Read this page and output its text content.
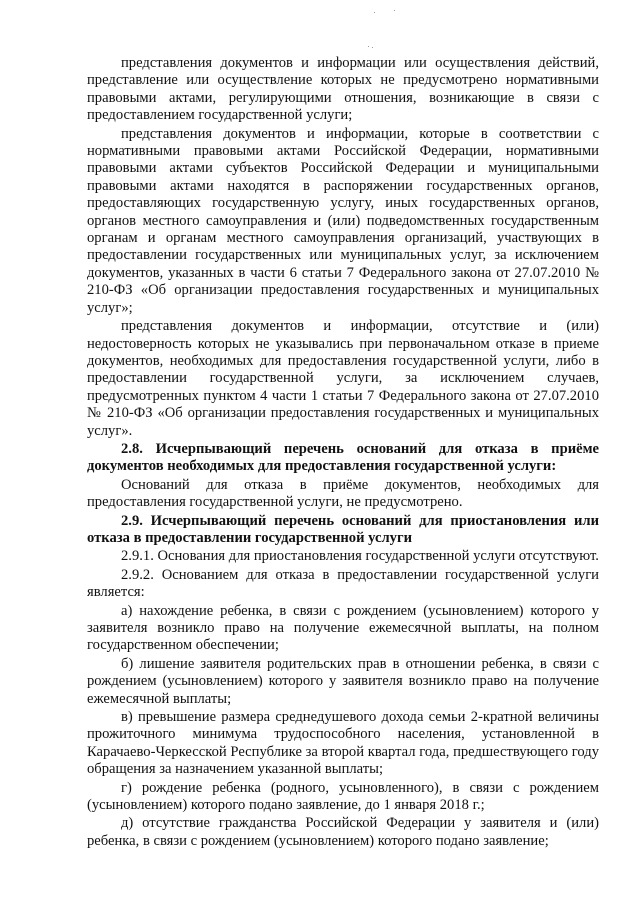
представления документов и информации или осуществления действий, представление или осуществление которых не предусмотрено нормативными правовыми актами, регулирующими отношения, возникающие в связи с предоставлением государственной услуги;

представления документов и информации, которые в соответствии с нормативными правовыми актами Российской Федерации, нормативными правовыми актами субъектов Российской Федерации и муниципальными правовыми актами находятся в распоряжении государственных органов, предоставляющих государственную услугу, иных государственных органов, органов местного самоуправления и (или) подведомственных государственным органам и органам местного самоуправления организаций, участвующих в предоставлении государственных или муниципальных услуг, за исключением документов, указанных в части 6 статьи 7 Федерального закона от 27.07.2010 № 210-ФЗ «Об организации предоставления государственных и муниципальных услуг»;

представления документов и информации, отсутствие и (или) недостоверность которых не указывались при первоначальном отказе в приеме документов, необходимых для предоставления государственной услуги, либо в предоставлении государственной услуги, за исключением случаев, предусмотренных пунктом 4 части 1 статьи 7 Федерального закона от 27.07.2010 № 210-ФЗ «Об организации предоставления государственных и муниципальных услуг».

2.8. Исчерпывающий перечень оснований для отказа в приёме документов необходимых для предоставления государственной услуги:

Оснований для отказа в приёме документов, необходимых для предоставления государственной услуги, не предусмотрено.

2.9. Исчерпывающий перечень оснований для приостановления или отказа в предоставлении государственной услуги

2.9.1. Основания для приостановления государственной услуги отсутствуют.

2.9.2. Основанием для отказа в предоставлении государственной услуги является:

а) нахождение ребенка, в связи с рождением (усыновлением) которого у заявителя возникло право на получение ежемесячной выплаты, на полном государственном обеспечении;

б) лишение заявителя родительских прав в отношении ребенка, в связи с рождением (усыновлением) которого у заявителя возникло право на получение ежемесячной выплаты;

в) превышение размера среднедушевого дохода семьи 2-кратной величины прожиточного минимума трудоспособного населения, установленной в Карачаево-Черкесской Республике за второй квартал года, предшествующего году обращения за назначением указанной выплаты;

г) рождение ребенка (родного, усыновленного), в связи с рождением (усыновлением) которого подано заявление, до 1 января 2018 г.;

д) отсутствие гражданства Российской Федерации у заявителя и (или) ребенка, в связи с рождением (усыновлением) которого подано заявление;
